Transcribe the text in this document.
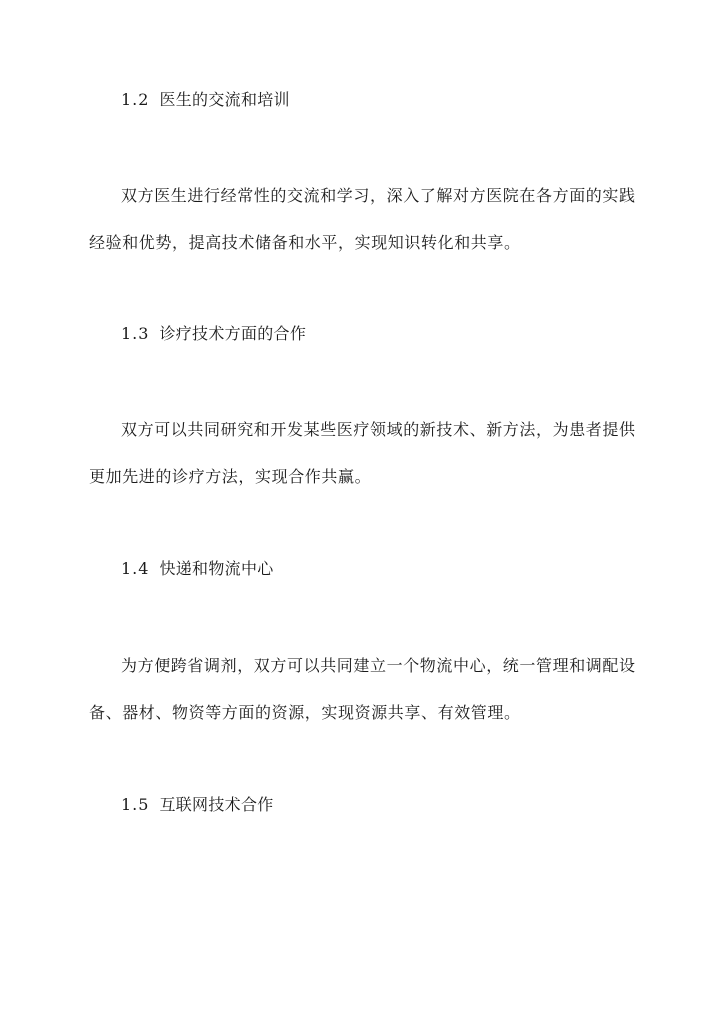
1.2 医生的交流和培训
双方医生进行经常性的交流和学习，深入了解对方医院在各方面的实践经验和优势，提高技术储备和水平，实现知识转化和共享。
1.3 诊疗技术方面的合作
双方可以共同研究和开发某些医疗领域的新技术、新方法，为患者提供更加先进的诊疗方法，实现合作共赢。
1.4 快递和物流中心
为方便跨省调剂，双方可以共同建立一个物流中心，统一管理和调配设备、器材、物资等方面的资源，实现资源共享、有效管理。
1.5 互联网技术合作
